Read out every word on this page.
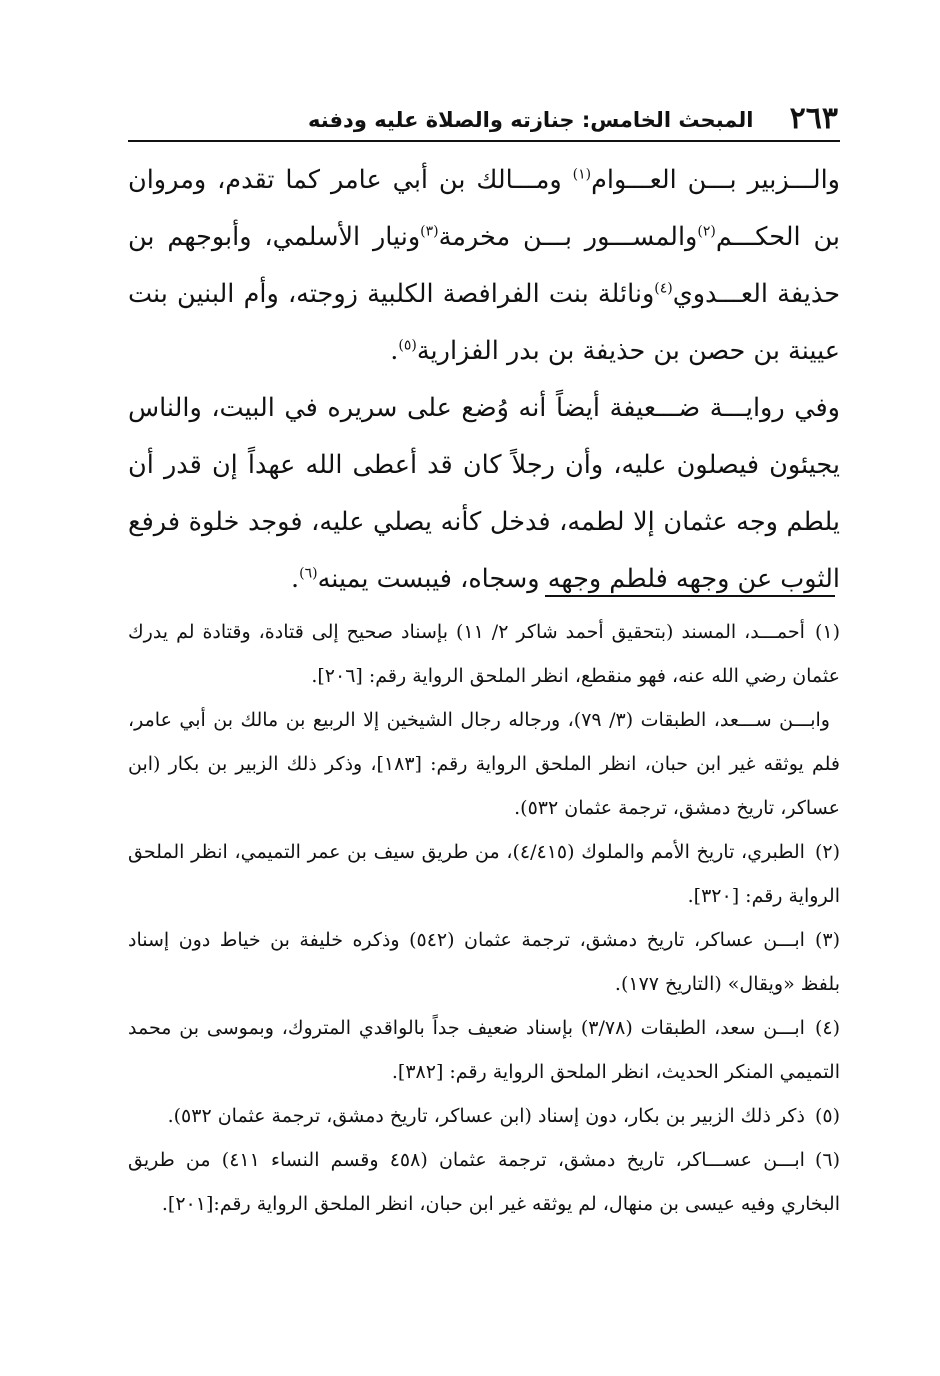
٢٦٣
المبحث الخامس: جنازته والصلاة عليه ودفنه

والـــزبير بـــن العـــوام$^{(١)}$ ومـــالك بن أبي عامر كما تقدم، ومروان بن الحكـــم$^{(٢)}$والمســـور بـــن مخرمة$^{(٣)}$ونيار الأسلمي، وأبوجهم بن حذيفة العـــدوي$^{(٤)}$ونائلة بنت الفرافصة الكلبية زوجته، وأم البنين بنت عيينة بن حصن بن حذيفة بن بدر الفزارية$^{(٥)}$.

وفي روايـــة ضـــعيفة أيضاً أنه وُضع على سريره في البيت، والناس يجيئون فيصلون عليه، وأن رجلاً كان قد أعطى الله عهداً إن قدر أن يلطم وجه عثمان إلا لطمه، فدخل كأنه يصلي عليه، فوجد خلوة فرفع الثوب عن وجهه فلطم وجهه وسجاه، فيبست يمينه$^{(٦)}$.

(١)أحمـــد، المسند (بتحقيق أحمد شاكر ٢/ ١١) بإسناد صحيح إلى قتادة، وقتادة لم يدرك عثمان رضي الله عنه، فهو منقطع، انظر الملحق الرواية رقم: [٢٠٦].

وابـــن ســـعد، الطبقات (٣/ ٧٩)، ورجاله رجال الشيخين إلا الربيع بن مالك بن أبي عامر، فلم يوثقه غير ابن حبان، انظر الملحق الرواية رقم: [١٨٣]، وذكر ذلك الزبير بن بكار (ابن عساكر، تاريخ دمشق، ترجمة عثمان ٥٣٢).

(٢)الطبري، تاريخ الأمم والملوك (٤/٤١٥)، من طريق سيف بن عمر التميمي، انظر الملحق الرواية رقم: [٣٢٠].

(٣)ابـــن عساكر، تاريخ دمشق، ترجمة عثمان (٥٤٢) وذكره خليفة بن خياط دون إسناد بلفظ «ويقال» (التاريخ ١٧٧).

(٤)ابـــن سعد، الطبقات (٣/٧٨) بإسناد ضعيف جداً بالواقدي المتروك، وبموسى بن محمد التميمي المنكر الحديث، انظر الملحق الرواية رقم: [٣٨٢].

(٥)ذكر ذلك الزبير بن بكار، دون إسناد (ابن عساكر، تاريخ دمشق، ترجمة عثمان ٥٣٢).

(٦)ابـــن عســـاكر، تاريخ دمشق، ترجمة عثمان (٤٥٨ وقسم النساء ٤١١) من طريق البخاري وفيه عيسى بن منهال، لم يوثقه غير ابن حبان، انظر الملحق الرواية رقم:[٢٠١].
